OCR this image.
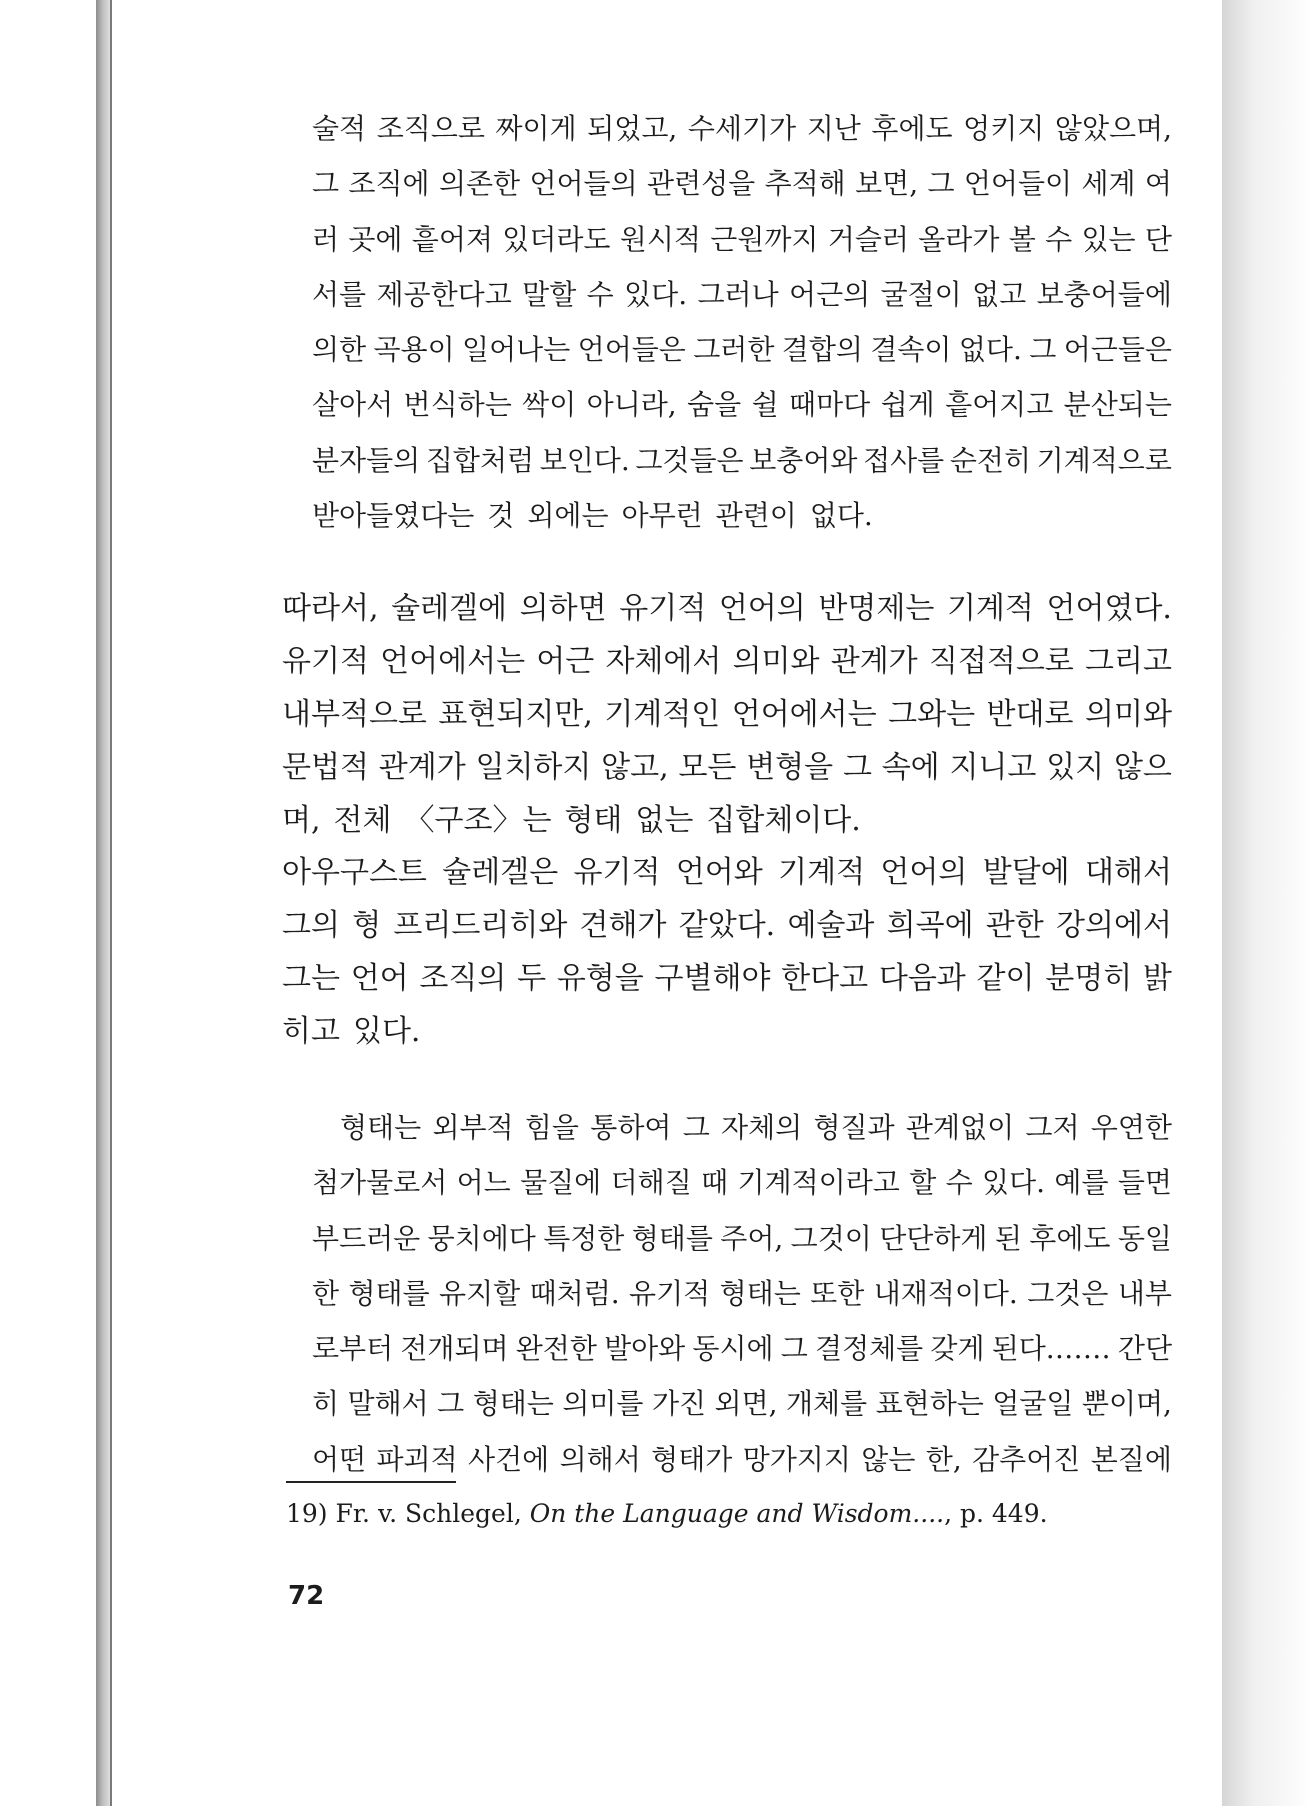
술적 조직으로 짜이게 되었고, 수세기가 지난 후에도 엉키지 않았으며,
그 조직에 의존한 언어들의 관련성을 추적해 보면, 그 언어들이 세계 여
러 곳에 흩어져 있더라도 원시적 근원까지 거슬러 올라가 볼 수 있는 단
서를 제공한다고 말할 수 있다. 그러나 어근의 굴절이 없고 보충어들에
의한 곡용이 일어나는 언어들은 그러한 결합의 결속이 없다. 그 어근들은
살아서 번식하는 싹이 아니라, 숨을 쉴 때마다 쉽게 흩어지고 분산되는
분자들의 집합처럼 보인다. 그것들은 보충어와 접사를 순전히 기계적으로
받아들였다는 것 외에는 아무런 관련이 없다.
따라서, 슐레겔에 의하면 유기적 언어의 반명제는 기계적 언어였다.
유기적 언어에서는 어근 자체에서 의미와 관계가 직접적으로 그리고
내부적으로 표현되지만, 기계적인 언어에서는 그와는 반대로 의미와
문법적 관계가 일치하지 않고, 모든 변형을 그 속에 지니고 있지 않으
며, 전체 〈구조〉는 형태 없는 집합체이다.
아우구스트 슐레겔은 유기적 언어와 기계적 언어의 발달에 대해서
그의 형 프리드리히와 견해가 같았다. 예술과 희곡에 관한 강의에서
그는 언어 조직의 두 유형을 구별해야 한다고 다음과 같이 분명히 밝
히고 있다.
형태는 외부적 힘을 통하여 그 자체의 형질과 관계없이 그저 우연한
첨가물로서 어느 물질에 더해질 때 기계적이라고 할 수 있다. 예를 들면
부드러운 뭉치에다 특정한 형태를 주어, 그것이 단단하게 된 후에도 동일
한 형태를 유지할 때처럼. 유기적 형태는 또한 내재적이다. 그것은 내부
로부터 전개되며 완전한 발아와 동시에 그 결정체를 갖게 된다.…… 간단
히 말해서 그 형태는 의미를 가진 외면, 개체를 표현하는 얼굴일 뿐이며,
어떤 파괴적 사건에 의해서 형태가 망가지지 않는 한, 감추어진 본질에
19) Fr. v. Schlegel, On the Language and Wisdom...., p. 449.
72
